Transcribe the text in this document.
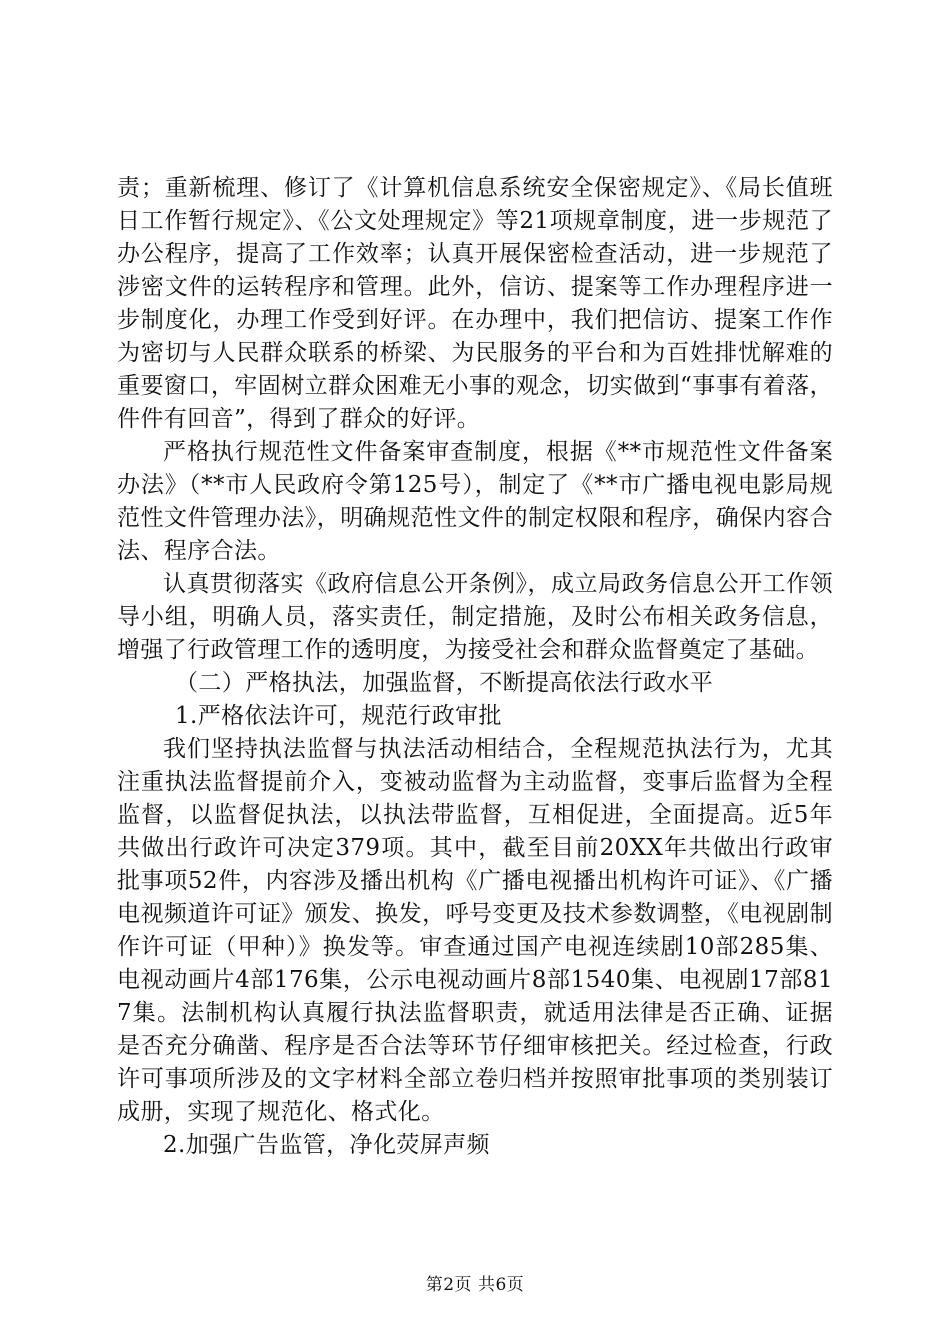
责；重新梳理、修订了《计算机信息系统安全保密规定》、《局长值班日工作暂行规定》、《公文处理规定》等21项规章制度，进一步规范了办公程序，提高了工作效率；认真开展保密检查活动，进一步规范了涉密文件的运转程序和管理。此外，信访、提案等工作办理程序进一步制度化，办理工作受到好评。在办理中，我们把信访、提案工作作为密切与人民群众联系的桥梁、为民服务的平台和为百姓排忧解难的重要窗口，牢固树立群众困难无小事的观念，切实做到“事事有着落，件件有回音”，得到了群众的好评。

严格执行规范性文件备案审查制度，根据《**市规范性文件备案办法》（**市人民政府令第125号），制定了《**市广播电视电影局规范性文件管理办法》，明确规范性文件的制定权限和程序，确保内容合法、程序合法。

认真贯彻落实《政府信息公开条例》，成立局政务信息公开工作领导小组，明确人员，落实责任，制定措施，及时公布相关政务信息，增强了行政管理工作的透明度，为接受社会和群众监督奠定了基础。

（二）严格执法，加强监督，不断提高依法行政水平

1.严格依法许可，规范行政审批

我们坚持执法监督与执法活动相结合，全程规范执法行为，尤其注重执法监督提前介入，变被动监督为主动监督，变事后监督为全程监督，以监督促执法，以执法带监督，互相促进，全面提高。近5年共做出行政许可决定379项。其中，截至目前20XX年共做出行政审批事项52件，内容涉及播出机构《广播电视播出机构许可证》、《广播电视频道许可证》颁发、换发，呼号变更及技术参数调整，《电视剧制作许可证（甲种）》换发等。审查通过国产电视连续剧10部285集、电视动画片4部176集，公示电视动画片8部1540集、电视剧17部817集。法制机构认真履行执法监督职责，就适用法律是否正确、证据是否充分确凿、程序是否合法等环节仔细审核把关。经过检查，行政许可事项所涉及的文字材料全部立卷归档并按照审批事项的类别装订成册，实现了规范化、格式化。

2.加强广告监管，净化荧屏声频

第2页 共6页
